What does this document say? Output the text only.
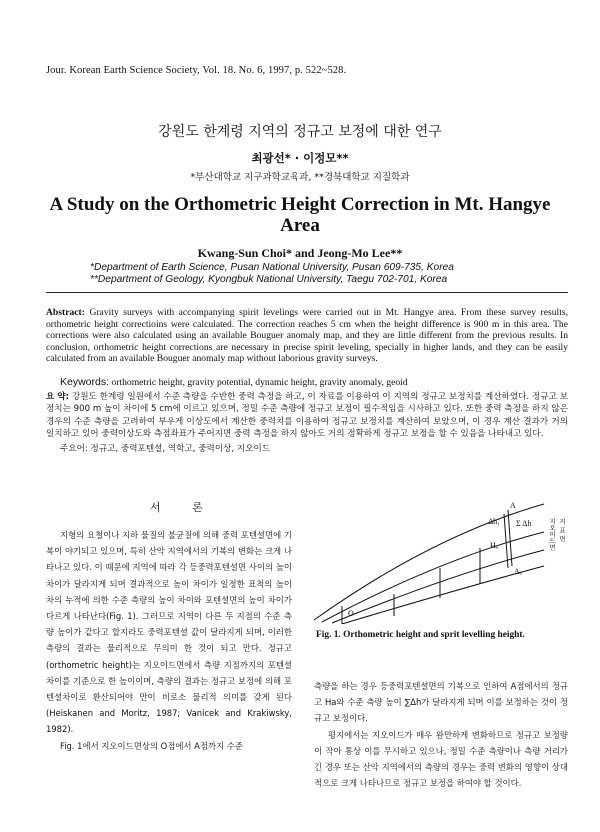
Jour. Korean Earth Science Society, Vol. 18. No. 6, 1997, p. 522~528.
강원도 한계령 지역의 정규고 보정에 대한 연구
최광선* · 이정모**
*부산대학교 지구과학교육과, **경북대학교 지질학과
A Study on the Orthometric Height Correction in Mt. Hangye Area
Kwang-Sun Choi* and Jeong-Mo Lee**
*Department of Earth Science, Pusan National University, Pusan 609-735, Korea
**Department of Geology, Kyongbuk National University, Taegu 702-701, Korea
Abstract: Gravity surveys with accompanying spirit levelings were carried out in Mt. Hangye area. From these survey results, orthometric height correctioins were calculated. The correction reaches 5 cm when the height difference is 900 m in this area. The corrections were also calculated using an available Bouguer anomaly map, and they are little different from the previous results. In conclusion, orthometric height corrections are necessary in precise spirit leveling, specially in higher lands, and they can be easily calculated from an available Bouguer anomaly map without laborious gravity surveys.
Keywords: orthometric height, gravity potential, dynamic height, gravity anomaly, geoid
요 약: 강원도 한계령 일원에서 수준 측량을 수반한 중력 측정을 하고, 이 자료를 이용하여 이 지역의 정규고 보정치를 계산하였다. 정규고 보정치는 900 m 높이 차이에 5 cm에 이르고 있으며, 정밀 수준 측량에 정규고 보정이 필수적임을 시사하고 있다. 또한 중력 측정을 하지 않은 경우의 수준 측량을 고려하여 부우게 이상도에서 계산한 중력치를 이용하여 정규고 보정치를 계산하여 보았으며, 이 경우 계산 결과가 거의 일치하고 있어 중력이상도와 측점좌표가 주어지면 중력 측정을 하지 않아도 거의 정확하게 정규고 보정을 할 수 있음을 나타내고 있다.
주요어: 정규고, 중력포텐셜, 역학고, 중력이상, 지오이드
서 론

지형의 요철이나 지하 물질의 불균질에 의해 중력 포텐셜면에 기복이 야기되고 있으며, 특히 산악 지역에서의 기복의 변화는 크게 나타나고 있다. 이 때문에 지역에 따라 각 등중력포텐셜면 사이의 높이 차이가 달라지게 되며 결과적으로 높이 차이가 일정한 표척의 높이 차의 누적에 의한 수준 측량의 높이 차이와 포텐셜면의 높이 차이가 다르게 나타난다(Fig. 1). 그러므로 지역이 다른 두 지점의 수준 측량 높이가 같다고 할지라도 중력포텐셜 값이 달라지게 되며, 이러한 측량의 결과는 물리적으로 무의미 한 것이 되고 만다. 정규고(orthometric height)는 지오이드면에서 측량 지점까지의 포텐셜차이를 기준으로 한 높이이며, 측량의 결과는 정규고 보정에 의해 포텐셜차이로 환산되어야 만이 비로소 물리적 의미를 갖게 된다 (Heiskanen and Moritz, 1987; Vanicek and Krakiwsky, 1982).

Fig. 1에서 지오이드면상의 O점에서 A점까지 수준

Δh₁ Σ Δh
Hₐ
A
Aₒ
O
지오이드면 지 표 면
Fig. 1. Orthometric height and sprit levelling height.

측량을 하는 경우 등중력포텐셜면의 기복으로 인하여 A점에서의 정규고 Ha와 수준 측량 높이 ∑Δh가 달라지게 되며 이를 보정하는 것이 정규고 보정이다.

평지에서는 지오이드가 매우 완만하게 변화하므로 정규고 보정량이 작아 통상 이를 무시하고 있으나, 정밀 수준 측량이나 측량 거리가 긴 경우 또는 산악 지역에서의 측량의 경우는 중력 변화의 영향이 상대적으로 크게 나타나므로 정규고 보정을 하여야 할 것이다.
